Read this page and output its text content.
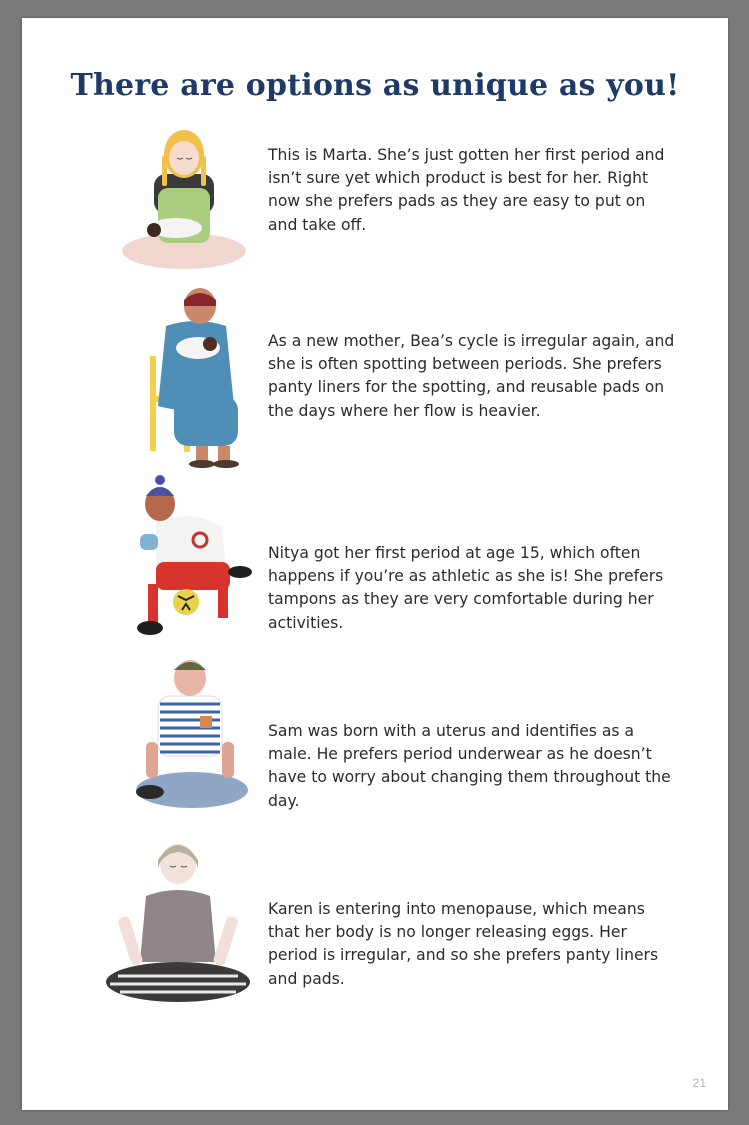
There are options as unique as you!

This is Marta. She’s just gotten her first period and isn’t sure yet which product is best for her. Right now she prefers pads as they are easy to put on and take off.

As a new mother, Bea’s cycle is irregular again, and she is often spotting between periods. She prefers panty liners for the spotting, and reusable pads on the days where her flow is heavier.

Nitya got her first period at age 15, which often happens if you’re as athletic as she is! She prefers tampons as they are very comfortable during her activities.

Sam was born with a uterus and identifies as a male. He prefers period underwear as he doesn’t have to worry about changing them throughout the day.

Karen is entering into menopause, which means that her body is no longer releasing eggs. Her period is irregular, and so she prefers panty liners and pads.

21
